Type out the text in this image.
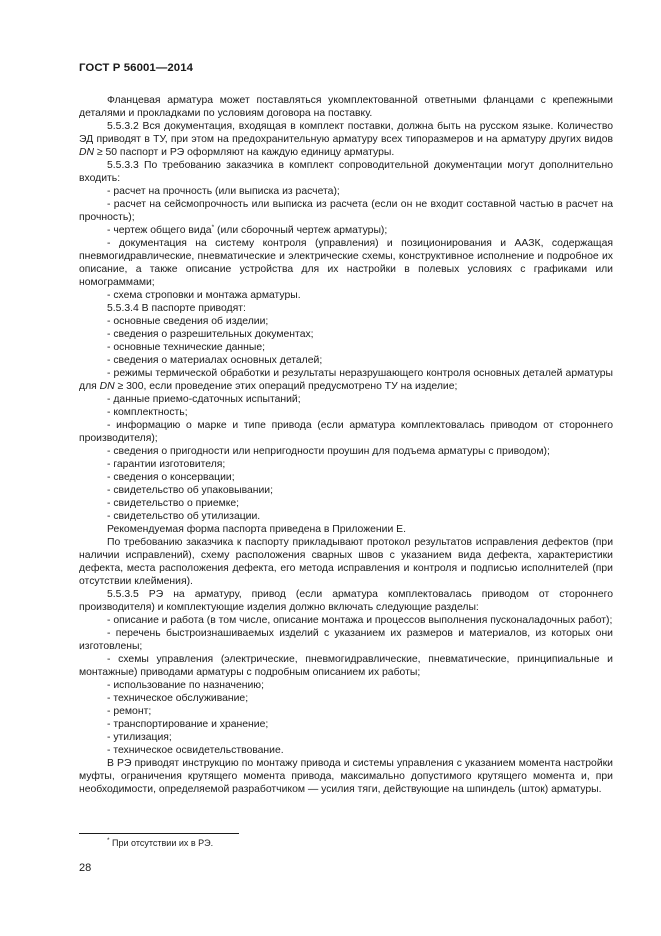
ГОСТ Р 56001—2014

Фланцевая арматура может поставляться укомплектованной ответными фланцами с крепежными деталями и прокладками по условиям договора на поставку.

5.5.3.2 Вся документация, входящая в комплект поставки, должна быть на русском языке. Количество ЭД приводят в ТУ, при этом на предохранительную арматуру всех типоразмеров и на арматуру других видов DN ≥ 50 паспорт и РЭ оформляют на каждую единицу арматуры.

5.5.3.3 По требованию заказчика в комплект сопроводительной документации могут дополнительно входить:

- расчет на прочность (или выписка из расчета);

- расчет на сейсмопрочность или выписка из расчета (если он не входит составной частью в расчет на прочность);

- чертеж общего вида* (или сборочный чертеж арматуры);

- документация на систему контроля (управления) и позиционирования и ААЗК, содержащая пневмогидравлические, пневматические и электрические схемы, конструктивное исполнение и подробное их описание, а также описание устройства для их настройки в полевых условиях с графиками или номограммами;

- схема строповки и монтажа арматуры.

5.5.3.4 В паспорте приводят:

- основные сведения об изделии;

- сведения о разрешительных документах;

- основные технические данные;

- сведения о материалах основных деталей;

- режимы термической обработки и результаты неразрушающего контроля основных деталей арматуры для DN ≥ 300, если проведение этих операций предусмотрено ТУ на изделие;

- данные приемо-сдаточных испытаний;

- комплектность;

- информацию о марке и типе привода (если арматура комплектовалась приводом от стороннего производителя);

- сведения о пригодности или непригодности проушин для подъема арматуры с приводом);

- гарантии изготовителя;

- сведения о консервации;

- свидетельство об упаковывании;

- свидетельство о приемке;

- свидетельство об утилизации.

Рекомендуемая форма паспорта приведена в Приложении Е.

По требованию заказчика к паспорту прикладывают протокол результатов исправления дефектов (при наличии исправлений), схему расположения сварных швов с указанием вида дефекта, характеристики дефекта, места расположения дефекта, его метода исправления и контроля и подписью исполнителей (при отсутствии клеймения).

5.5.3.5 РЭ на арматуру, привод (если арматура комплектовалась приводом от стороннего производителя) и комплектующие изделия должно включать следующие разделы:

- описание и работа (в том числе, описание монтажа и процессов выполнения пусконаладочных работ);

- перечень быстроизнашиваемых изделий с указанием их размеров и материалов, из которых они изготовлены;

- схемы управления (электрические, пневмогидравлические, пневматические, принципиальные и монтажные) приводами арматуры с подробным описанием их работы;

- использование по назначению;

- техническое обслуживание;

- ремонт;

- транспортирование и хранение;

- утилизация;

- техническое освидетельствование.

В РЭ приводят инструкцию по монтажу привода и системы управления с указанием момента настройки муфты, ограничения крутящего момента привода, максимально допустимого крутящего момента и, при необходимости, определяемой разработчиком — усилия тяги, действующие на шпиндель (шток) арматуры.

* При отсутствии их в РЭ.
28
